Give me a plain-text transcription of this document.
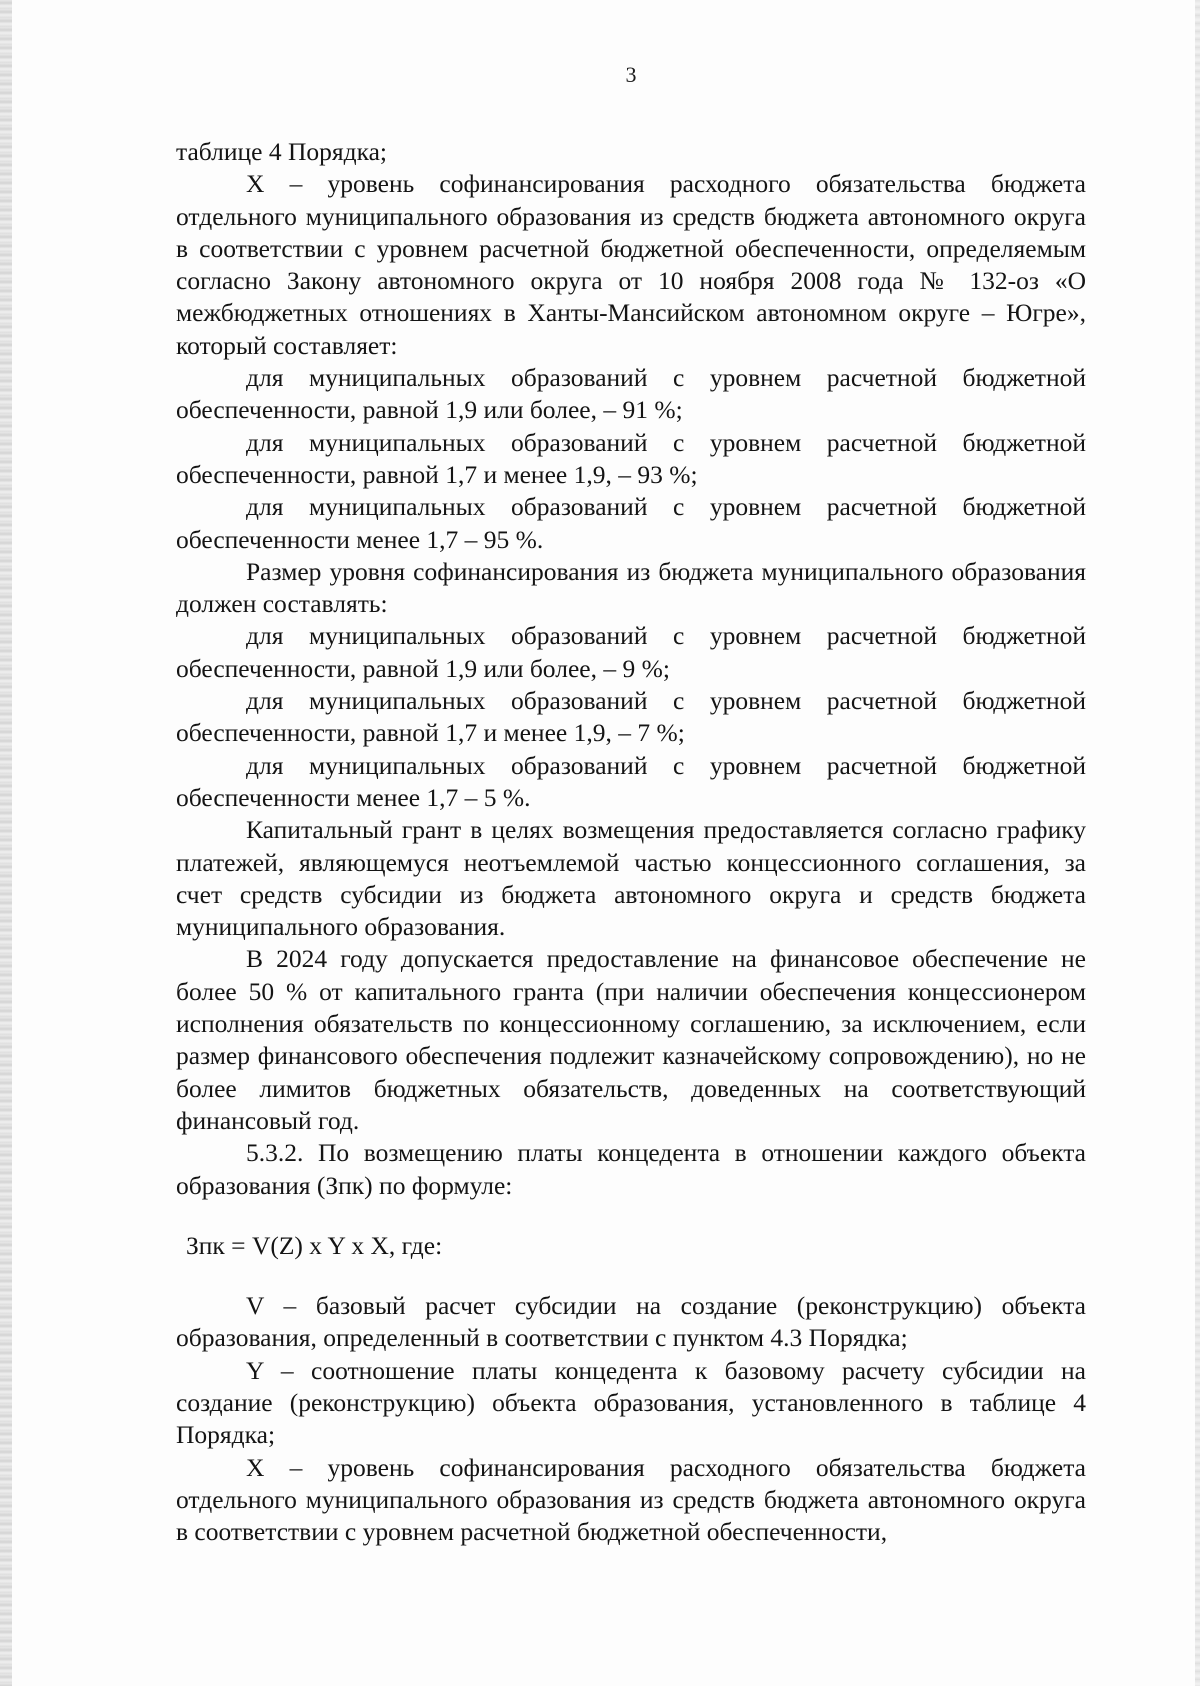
3

таблице 4 Порядка;

X – уровень софинансирования расходного обязательства бюджета отдельного муниципального образования из средств бюджета автономного округа в соответствии с уровнем расчетной бюджетной обеспеченности, определяемым согласно Закону автономного округа от 10 ноября 2008 года № 132-оз «О межбюджетных отношениях в Ханты-Мансийском автономном округе – Югре», который составляет:

для муниципальных образований с уровнем расчетной бюджетной обеспеченности, равной 1,9 или более, – 91 %;

для муниципальных образований с уровнем расчетной бюджетной обеспеченности, равной 1,7 и менее 1,9, – 93 %;

для муниципальных образований с уровнем расчетной бюджетной обеспеченности менее 1,7 – 95 %.

Размер уровня софинансирования из бюджета муниципального образования должен составлять:

для муниципальных образований с уровнем расчетной бюджетной обеспеченности, равной 1,9 или более, – 9 %;

для муниципальных образований с уровнем расчетной бюджетной обеспеченности, равной 1,7 и менее 1,9, – 7 %;

для муниципальных образований с уровнем расчетной бюджетной обеспеченности менее 1,7 – 5 %.

Капитальный грант в целях возмещения предоставляется согласно графику платежей, являющемуся неотъемлемой частью концессионного соглашения, за счет средств субсидии из бюджета автономного округа и средств бюджета муниципального образования.

В 2024 году допускается предоставление на финансовое обеспечение не более 50 % от капитального гранта (при наличии обеспечения концессионером исполнения обязательств по концессионному соглашению, за исключением, если размер финансового обеспечения подлежит казначейскому сопровождению), но не более лимитов бюджетных обязательств, доведенных на соответствующий финансовый год.

5.3.2. По возмещению платы концедента в отношении каждого объекта образования (Зпк) по формуле:

Зпк = V(Z) x Y x X, где:

V – базовый расчет субсидии на создание (реконструкцию) объекта образования, определенный в соответствии с пунктом 4.3 Порядка;

Y – соотношение платы концедента к базовому расчету субсидии на создание (реконструкцию) объекта образования, установленного в таблице 4 Порядка;

X – уровень софинансирования расходного обязательства бюджета отдельного муниципального образования из средств бюджета автономного округа в соответствии с уровнем расчетной бюджетной обеспеченности,
